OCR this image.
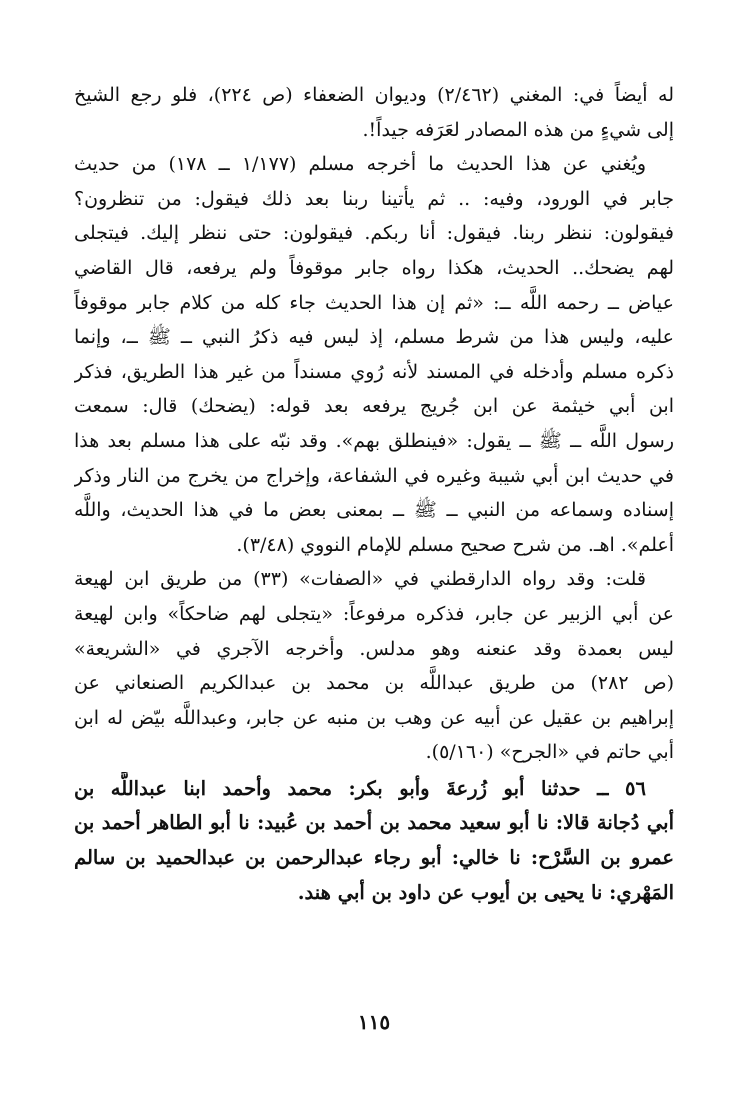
له أيضاً في: المغني (٢/٤٦٢) وديوان الضعفاء (ص ٢٢٤)، فلو رجع الشيخ
إلى شيءٍ من هذه المصادر لعَرَفه جيداً!.
ويُغني عن هذا الحديث ما أخرجه مسلم (١/١٧٧ ــ ١٧٨) من حديث
جابر في الورود، وفيه: .. ثم يأتينا ربنا بعد ذلك فيقول: من تنظرون؟
فيقولون: ننظر ربنا. فيقول: أنا ربكم. فيقولون: حتى ننظر إليك. فيتجلى
لهم يضحك.. الحديث، هكذا رواه جابر موقوفاً ولم يرفعه، قال القاضي
عياض ــ رحمه اللَّه ــ: «ثم إن هذا الحديث جاء كله من كلام جابر موقوفاً
عليه، وليس هذا من شرط مسلم، إذ ليس فيه ذكرُ النبي ــ ﷺ ــ، وإنما
ذكره مسلم وأدخله في المسند لأنه رُوي مسنداً من غير هذا الطريق، فذكر
ابن أبي خيثمة عن ابن جُريج يرفعه بعد قوله: (يضحك) قال: سمعت
رسول اللَّه ــ ﷺ ــ يقول: «فينطلق بهم». وقد نبّه على هذا مسلم بعد هذا
في حديث ابن أبي شيبة وغيره في الشفاعة، وإخراج من يخرج من النار وذكر
إسناده وسماعه من النبي ــ ﷺ ــ بمعنى بعض ما في هذا الحديث، واللَّه
أعلم». اهـ. من شرح صحيح مسلم للإمام النووي (٣/٤٨).
قلت: وقد رواه الدارقطني في «الصفات» (٣٣) من طريق ابن لهيعة
عن أبي الزبير عن جابر، فذكره مرفوعاً: «يتجلى لهم ضاحكاً» وابن لهيعة
ليس بعمدة وقد عنعنه وهو مدلس. وأخرجه الآجري في «الشريعة»
(ص ٢٨٢) من طريق عبداللَّه بن محمد بن عبدالكريم الصنعاني عن
إبراهيم بن عقيل عن أبيه عن وهب بن منبه عن جابر، وعبداللَّه بيّض له ابن
أبي حاتم في «الجرح» (٥/١٦٠).
٥٦ ــ حدثنا أبو زُرعةَ وأبو بكر: محمد وأحمد ابنا عبداللَّه بن
أبي دُجانة قالا: نا أبو سعيد محمد بن أحمد بن عُبيد: نا أبو الطاهر أحمد بن
عمرو بن السَّرْح: نا خالي: أبو رجاء عبدالرحمن بن عبدالحميد بن سالم
المَهْري: نا يحيى بن أيوب عن داود بن أبي هند.
١١٥
